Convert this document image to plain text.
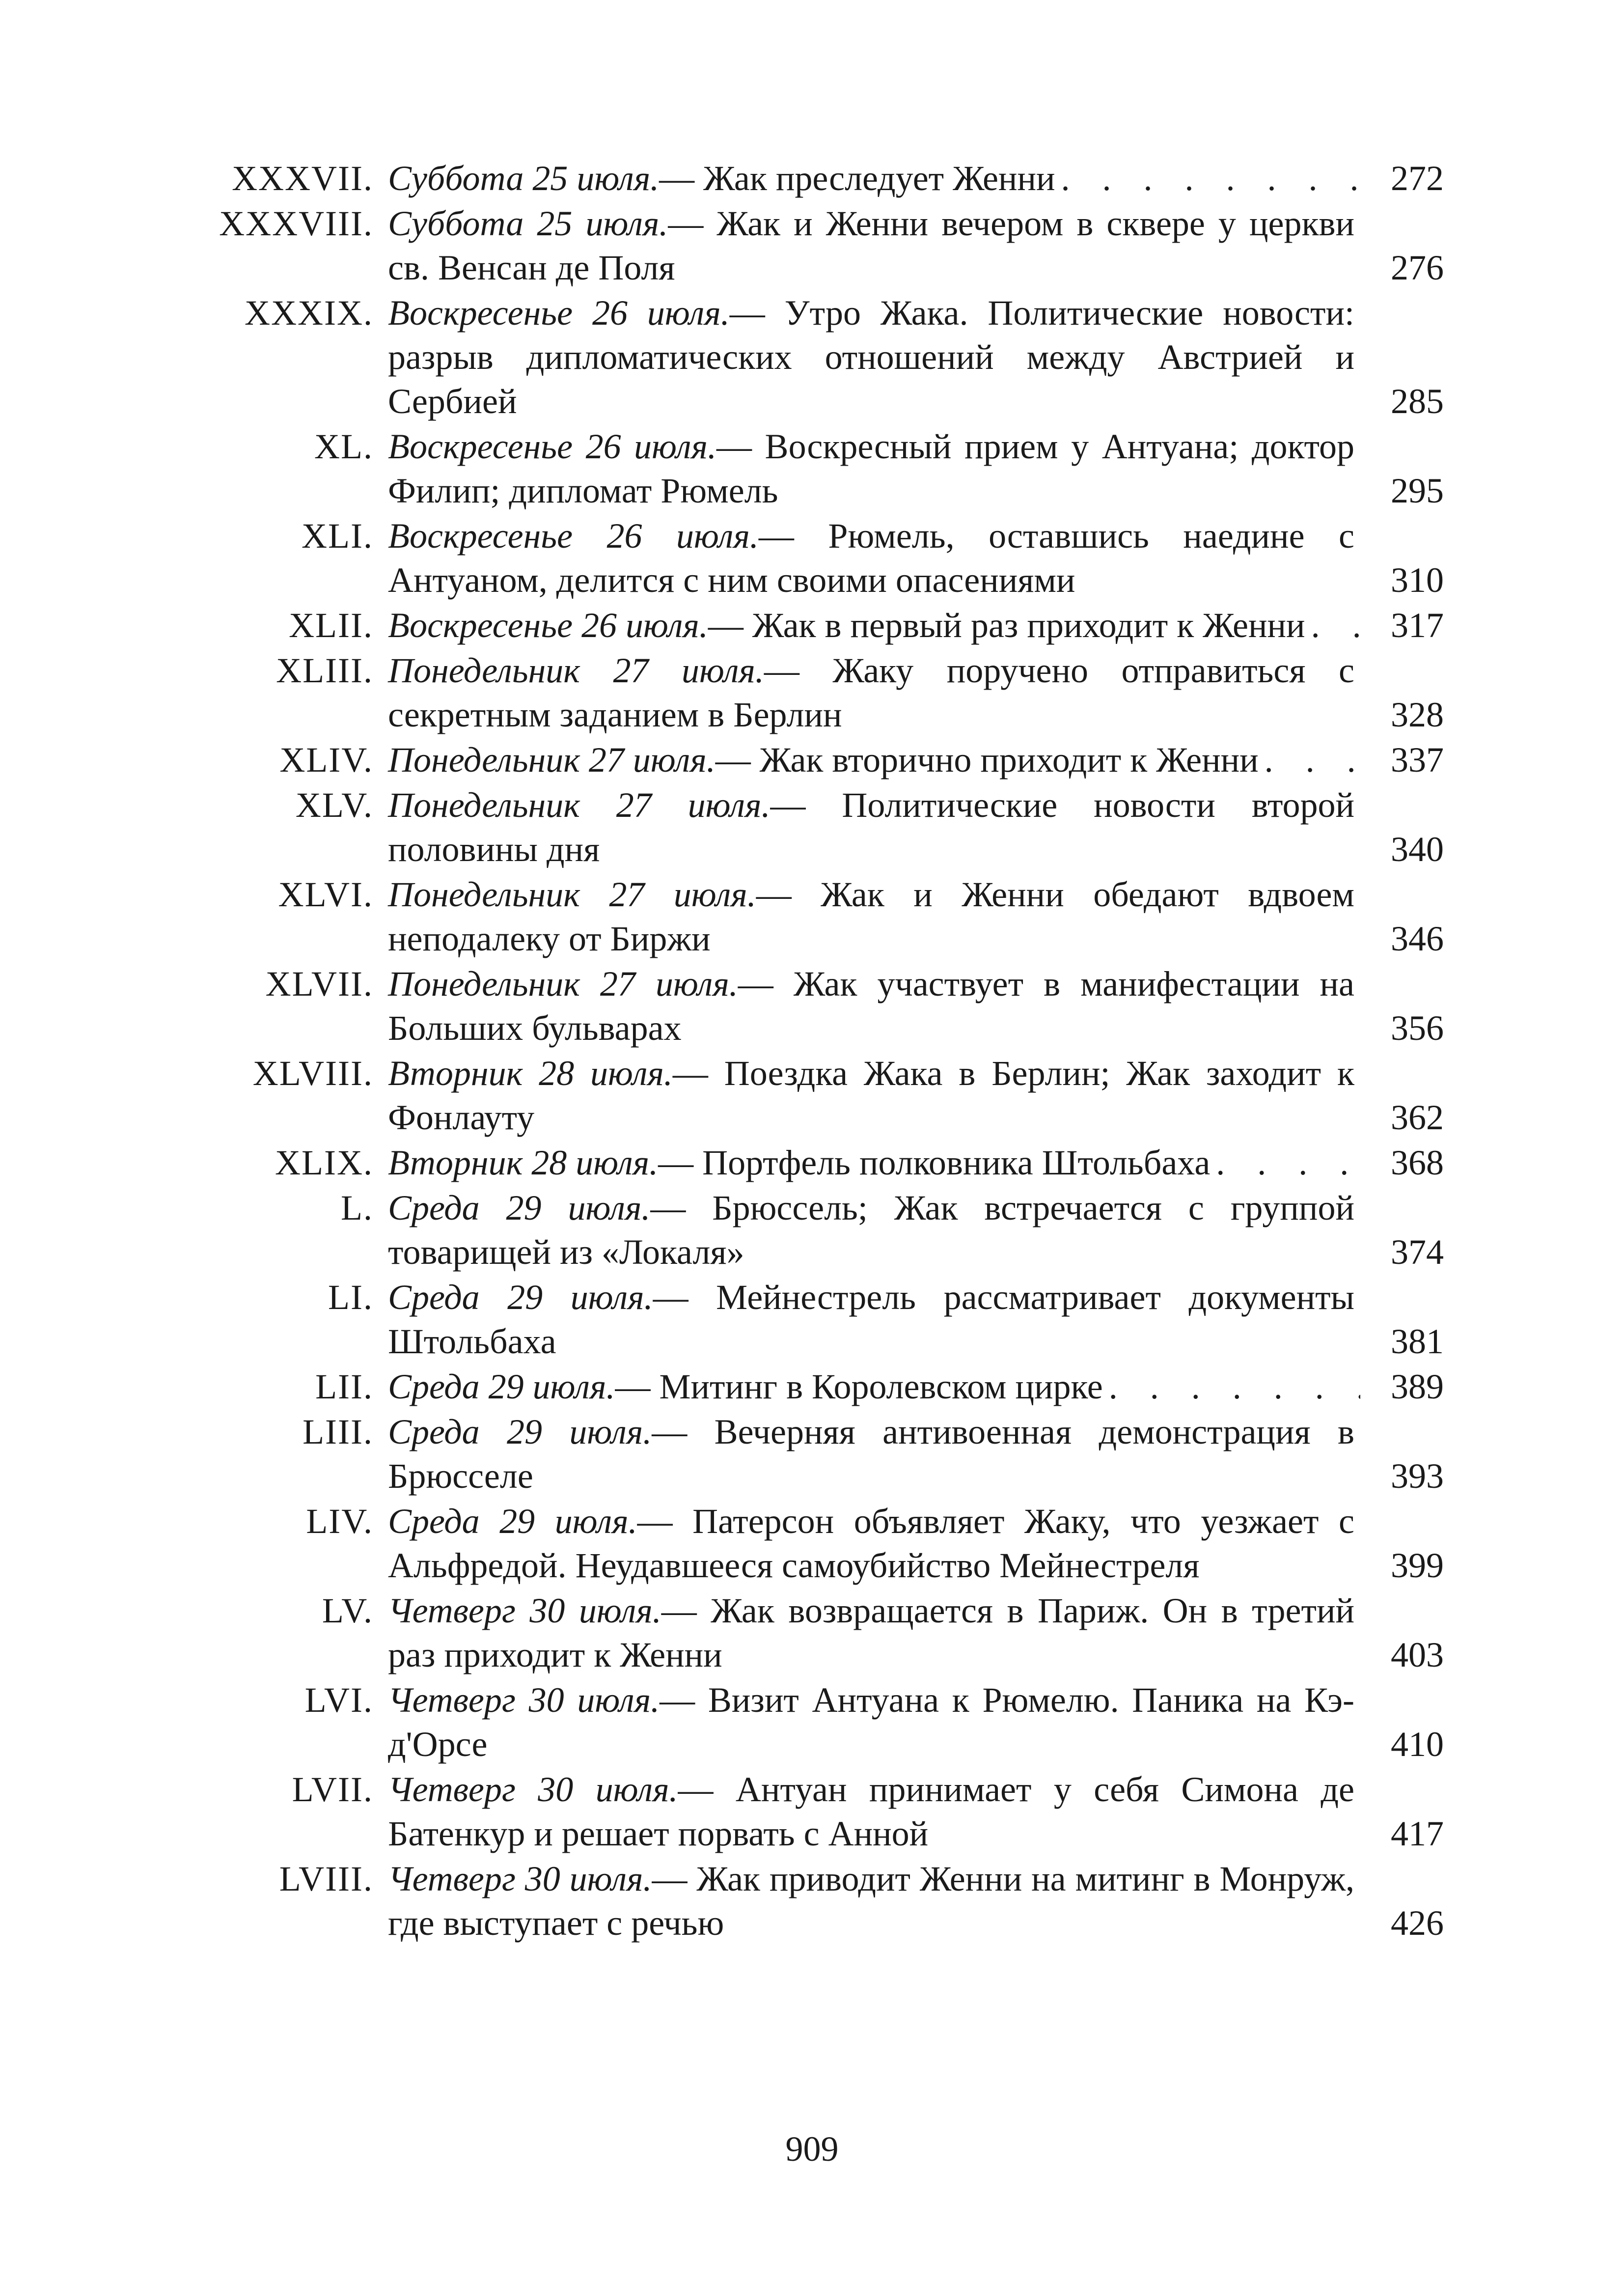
XXXVII. Суббота 25 июля.— Жак преследует Женни . . .	272
XXXVIII. Суббота 25 июля.— Жак и Женни вечером в сквере у церкви св. Венсан де Поля	276
XXXIX. Воскресенье 26 июля.— Утро Жака. Политические новости: разрыв дипломатических отношений между Австрией и Сербией	285
XL. Воскресенье 26 июля.— Воскресный прием у Антуана; доктор Филип; дипломат Рюмель	295
XLI. Воскресенье 26 июля.— Рюмель, оставшись наедине с Антуаном, делится с ним своими опасениями	310
XLII. Воскресенье 26 июля.— Жак в первый раз приходит к Женни . . .	317
XLIII. Понедельник 27 июля.— Жаку поручено отправиться с секретным заданием в Берлин	328
XLIV. Понедельник 27 июля.— Жак вторично приходит к Женни . . .	337
XLV. Понедельник 27 июля.— Политические новости второй половины дня	340
XLVI. Понедельник 27 июля.— Жак и Женни обедают вдвоем неподалеку от Биржи	346
XLVII. Понедельник 27 июля.— Жак участвует в манифестации на Больших бульварах	356
XLVIII. Вторник 28 июля.— Поездка Жака в Берлин; Жак заходит к Фонлауту	362
XLIX. Вторник 28 июля.— Портфель полковника Штольбаха . . .	368
L. Среда 29 июля.— Брюссель; Жак встречается с группой товарищей из «Локаля»	374
LI. Среда 29 июля.— Мейнестрель рассматривает документы Штольбаха	381
LII. Среда 29 июля.— Митинг в Королевском цирке . . .	389
LIII. Среда 29 июля.— Вечерняя антивоенная демонстрация в Брюсселе	393
LIV. Среда 29 июля.— Патерсон объявляет Жаку, что уезжает с Альфредой. Неудавшееся самоубийство Мейнестреля	399
LV. Четверг 30 июля.— Жак возвращается в Париж. Он в третий раз приходит к Женни	403
LVI. Четверг 30 июля.— Визит Антуана к Рюмелю. Паника на Кэ-д'Орсе	410
LVII. Четверг 30 июля.— Антуан принимает у себя Симона де Батенкур и решает порвать с Анной	417
LVIII. Четверг 30 июля.— Жак приводит Женни на митинг в Монруж, где выступает с речью	426
909
